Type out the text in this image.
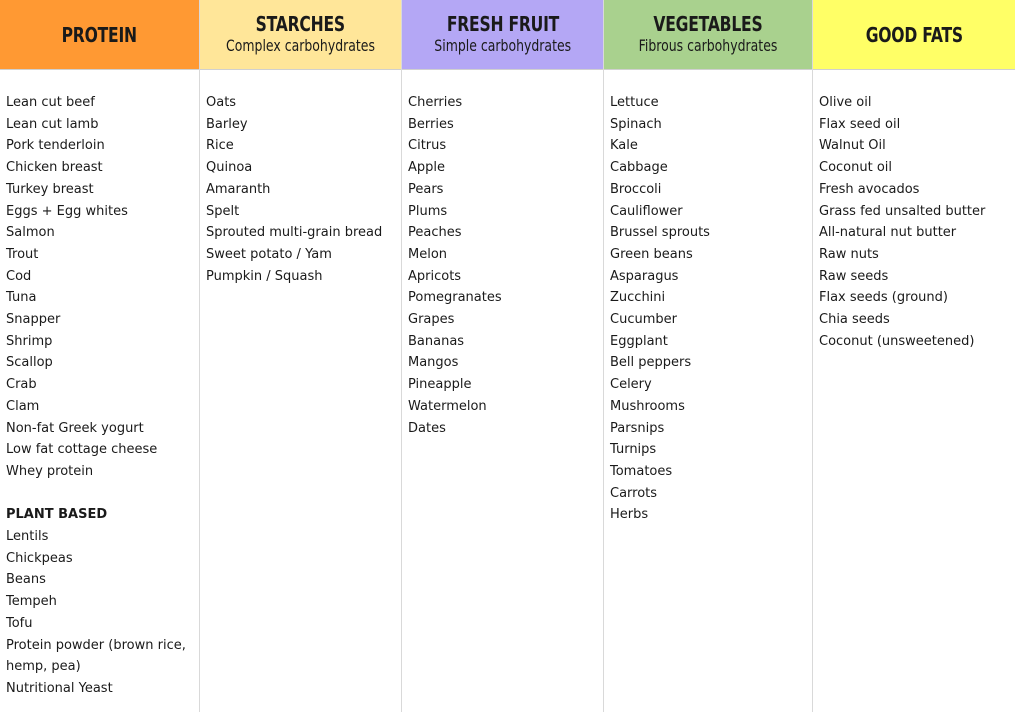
PROTEIN
Lean cut beef
Lean cut lamb
Pork tenderloin
Chicken breast
Turkey breast
Eggs + Egg whites
Salmon
Trout
Cod
Tuna
Snapper
Shrimp
Scallop
Crab
Clam
Non-fat Greek yogurt
Low fat cottage cheese
Whey protein
PLANT BASED
Lentils
Chickpeas
Beans
Tempeh
Tofu
Protein powder (brown rice, hemp, pea)
Nutritional Yeast
STARCHES
Complex carbohydrates
Oats
Barley
Rice
Quinoa
Amaranth
Spelt
Sprouted multi-grain bread
Sweet potato / Yam
Pumpkin / Squash
FRESH FRUIT
Simple carbohydrates
Cherries
Berries
Citrus
Apple
Pears
Plums
Peaches
Melon
Apricots
Pomegranates
Grapes
Bananas
Mangos
Pineapple
Watermelon
Dates
VEGETABLES
Fibrous carbohydrates
Lettuce
Spinach
Kale
Cabbage
Broccoli
Cauliflower
Brussel sprouts
Green beans
Asparagus
Zucchini
Cucumber
Eggplant
Bell peppers
Celery
Mushrooms
Parsnips
Turnips
Tomatoes
Carrots
Herbs
GOOD FATS
Olive oil
Flax seed oil
Walnut Oil
Coconut oil
Fresh avocados
Grass fed unsalted butter
All-natural nut butter
Raw nuts
Raw seeds
Flax seeds (ground)
Chia seeds
Coconut (unsweetened)
